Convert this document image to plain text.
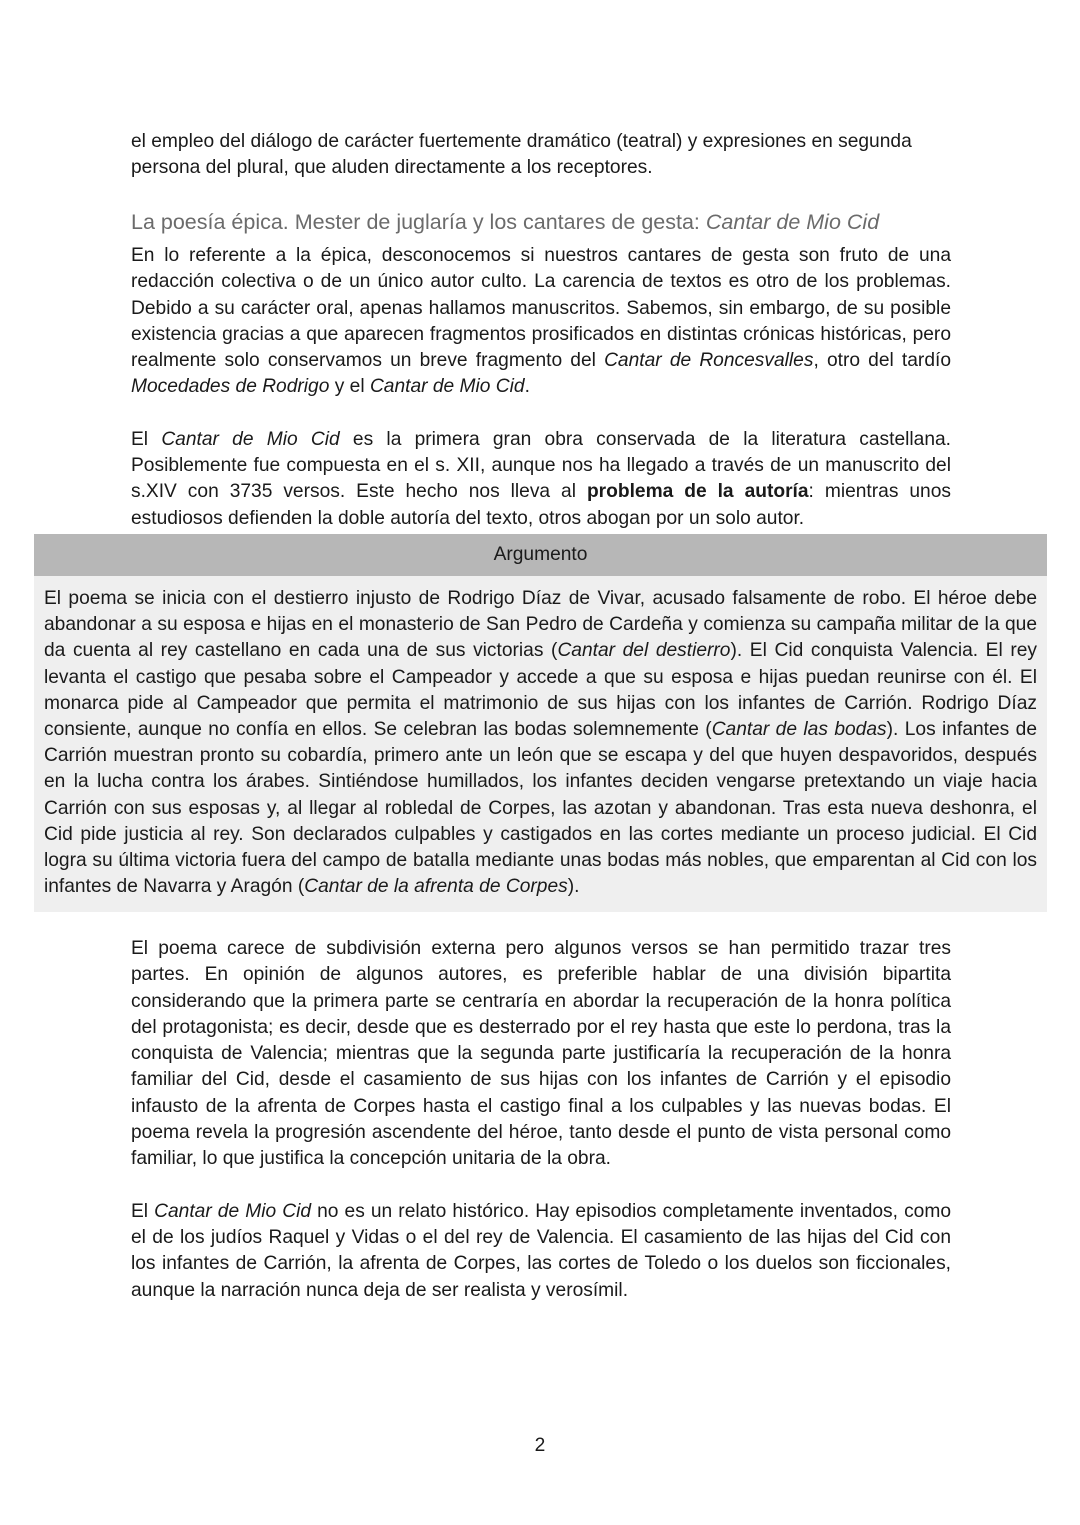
el empleo del diálogo de carácter fuertemente dramático (teatral) y expresiones en segunda persona del plural, que aluden directamente a los receptores.

La poesía épica. Mester de juglaría y los cantares de gesta: Cantar de Mio Cid

En lo referente a la épica, desconocemos si nuestros cantares de gesta son fruto de una redacción colectiva o de un único autor culto. La carencia de textos es otro de los problemas. Debido a su carácter oral, apenas hallamos manuscritos. Sabemos, sin embargo, de su posible existencia gracias a que aparecen fragmentos prosificados en distintas crónicas históricas, pero realmente solo conservamos un breve fragmento del Cantar de Roncesvalles, otro del tardío Mocedades de Rodrigo y el Cantar de Mio Cid.

El Cantar de Mio Cid es la primera gran obra conservada de la literatura castellana. Posiblemente fue compuesta en el s. XII, aunque nos ha llegado a través de un manuscrito del s.XIV con 3735 versos. Este hecho nos lleva al problema de la autoría: mientras unos estudiosos defienden la doble autoría del texto, otros abogan por un solo autor.

Argumento
El poema se inicia con el destierro injusto de Rodrigo Díaz de Vivar, acusado falsamente de robo. El héroe debe abandonar a su esposa e hijas en el monasterio de San Pedro de Cardeña y comienza su campaña militar de la que da cuenta al rey castellano en cada una de sus victorias (Cantar del destierro). El Cid conquista Valencia. El rey levanta el castigo que pesaba sobre el Campeador y accede a que su esposa e hijas puedan reunirse con él. El monarca pide al Campeador que permita el matrimonio de sus hijas con los infantes de Carrión. Rodrigo Díaz consiente, aunque no confía en ellos. Se celebran las bodas solemnemente (Cantar de las bodas). Los infantes de Carrión muestran pronto su cobardía, primero ante un león que se escapa y del que huyen despavoridos, después en la lucha contra los árabes. Sintiéndose humillados, los infantes deciden vengarse pretextando un viaje hacia Carrión con sus esposas y, al llegar al robledal de Corpes, las azotan y abandonan. Tras esta nueva deshonra, el Cid pide justicia al rey. Son declarados culpables y castigados en las cortes mediante un proceso judicial. El Cid logra su última victoria fuera del campo de batalla mediante unas bodas más nobles, que emparentan al Cid con los infantes de Navarra y Aragón (Cantar de la afrenta de Corpes).

El poema carece de subdivisión externa pero algunos versos se han permitido trazar tres partes. En opinión de algunos autores, es preferible hablar de una división bipartita considerando que la primera parte se centraría en abordar la recuperación de la honra política del protagonista; es decir, desde que es desterrado por el rey hasta que este lo perdona, tras la conquista de Valencia; mientras que la segunda parte justificaría la recuperación de la honra familiar del Cid, desde el casamiento de sus hijas con los infantes de Carrión y el episodio infausto de la afrenta de Corpes hasta el castigo final a los culpables y las nuevas bodas. El poema revela la progresión ascendente del héroe, tanto desde el punto de vista personal como familiar, lo que justifica la concepción unitaria de la obra.

El Cantar de Mio Cid no es un relato histórico. Hay episodios completamente inventados, como el de los judíos Raquel y Vidas o el del rey de Valencia. El casamiento de las hijas del Cid con los infantes de Carrión, la afrenta de Corpes, las cortes de Toledo o los duelos son ficcionales, aunque la narración nunca deja de ser realista y verosímil.

2
